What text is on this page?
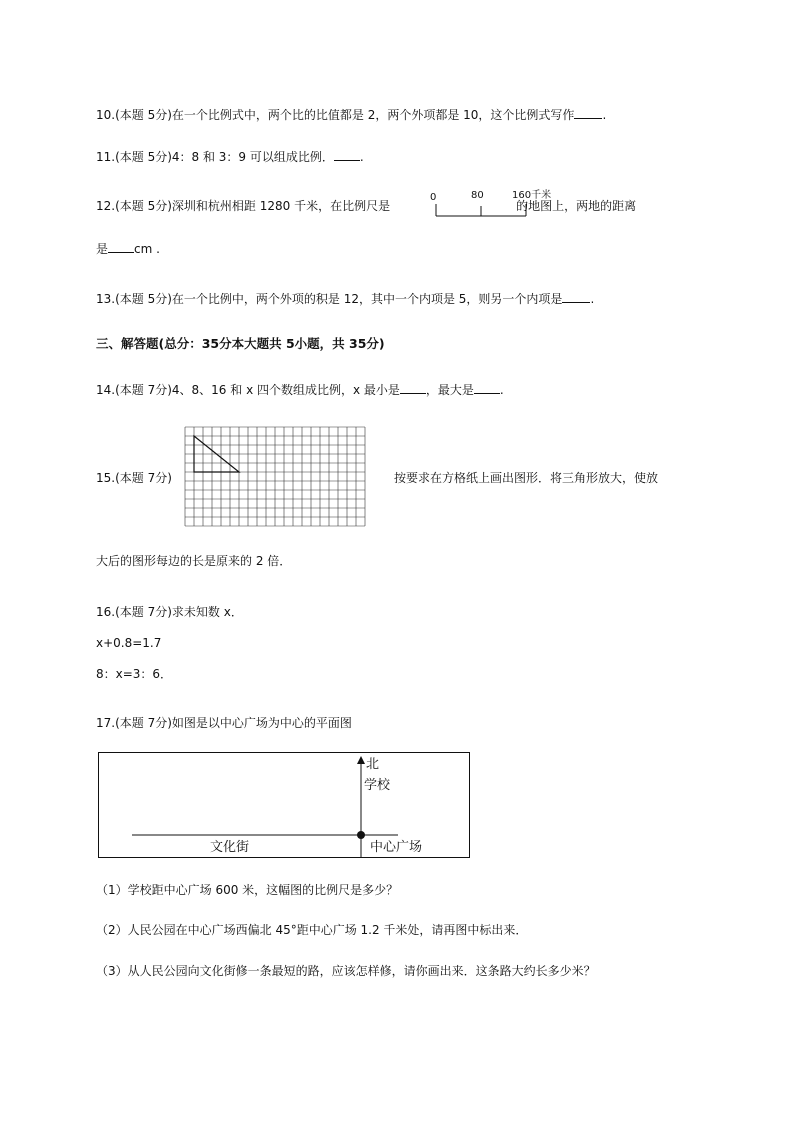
10.(本题 5分)在一个比例式中，两个比的比值都是 2，两个外项都是 10，这个比例式写作 .
11.(本题 5分)4：8 和 3：9 可以组成比例． .
12.(本题 5分)深圳和杭州相距 1280 千米，在比例尺是	的地图上，两地的距离
0	80	160千米
是 cm .
13.(本题 5分)在一个比例中，两个外项的积是 12，其中一个内项是 5，则另一个内项是 .
三、解答题(总分：35分本大题共 5小题，共 35分)
14.(本题 7分)4、8、16 和 x 四个数组成比例，x 最小是 ，最大是 .
15.(本题 7分)	按要求在方格纸上画出图形．将三角形放大，使放
大后的图形每边的长是原来的 2 倍．
16.(本题 7分)求未知数 x．
x+0.8=1.7
8：x=3：6．
17.(本题 7分)如图是以中心广场为中心的平面图
北
学校
文化街	中心广场
（1）学校距中心广场 600 米，这幅图的比例尺是多少？
（2）人民公园在中心广场西偏北 45°距中心广场 1.2 千米处，请再图中标出来．
（3）从人民公园向文化街修一条最短的路，应该怎样修，请你画出来．这条路大约长多少米？
